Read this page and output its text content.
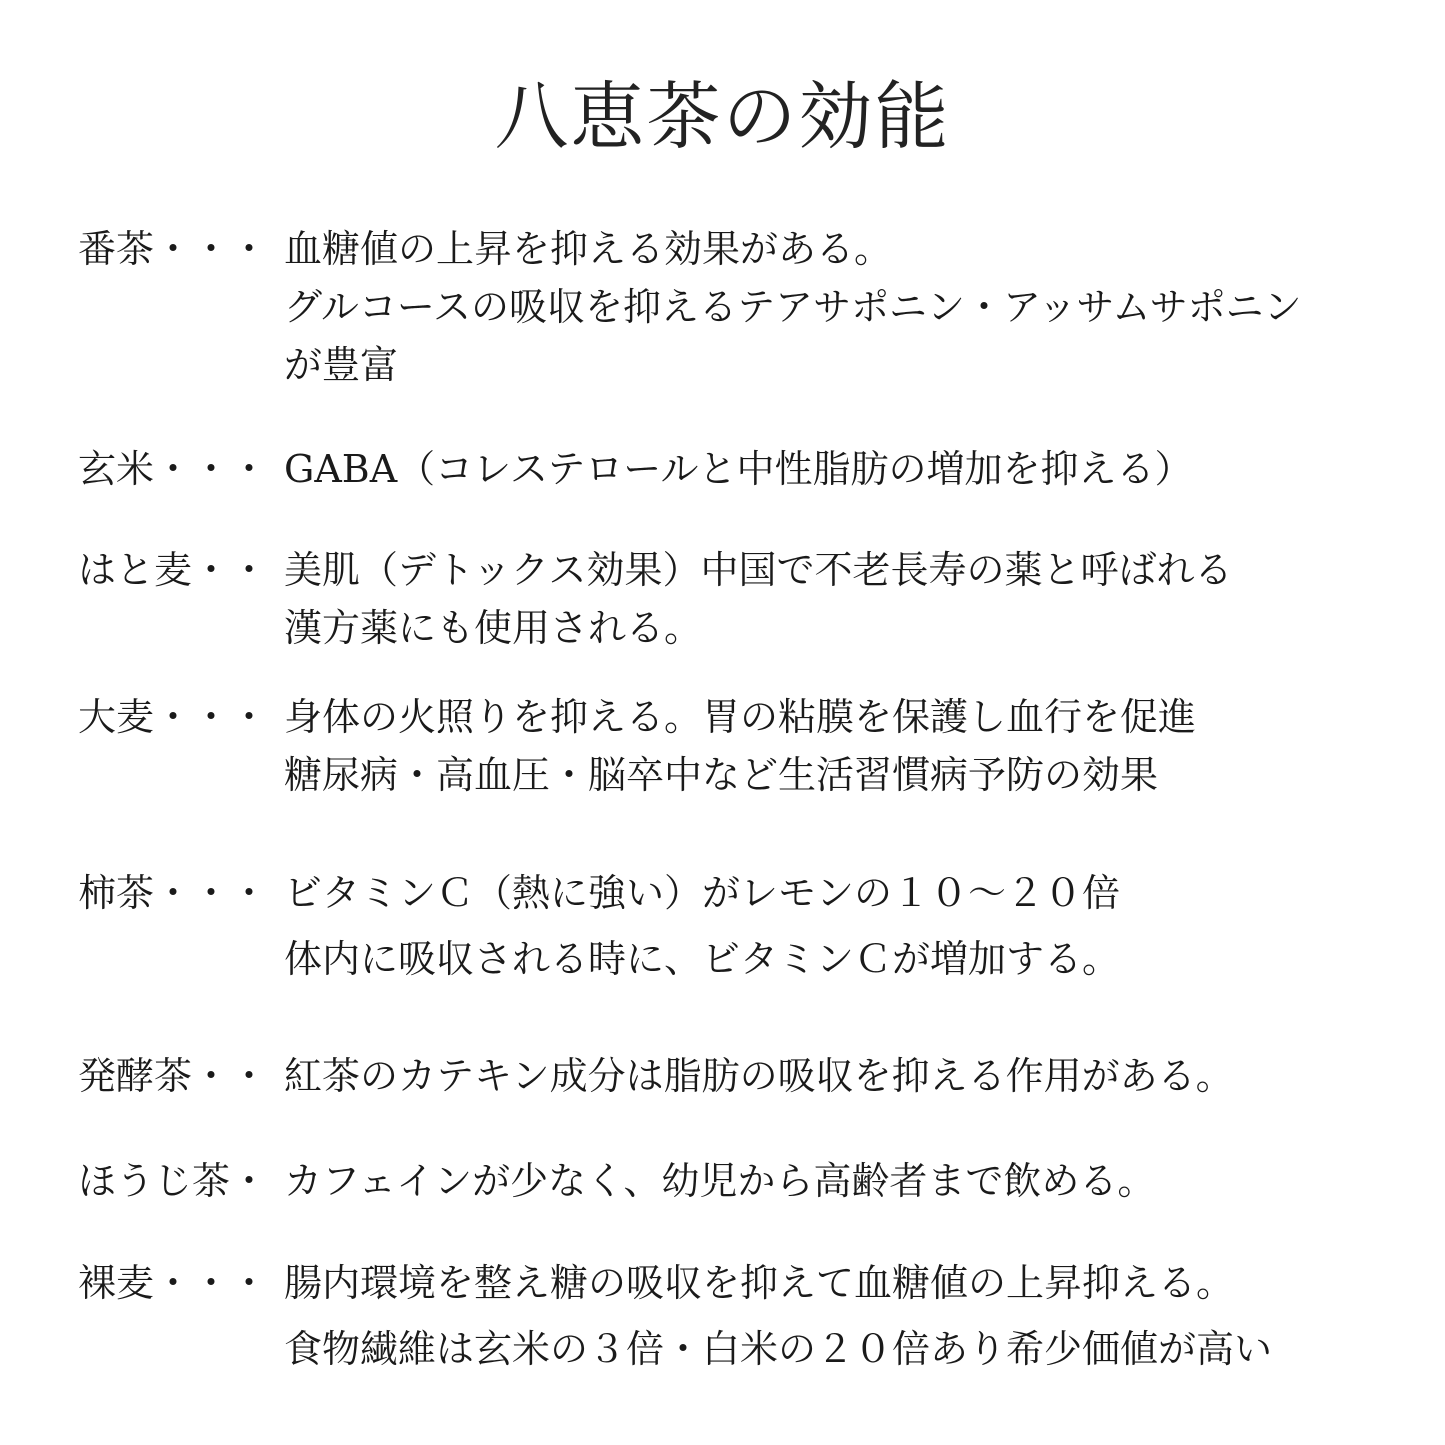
八恵茶の効能
番茶・・・ 血糖値の上昇を抑える効果がある。
グルコースの吸収を抑えるテアサポニン・アッサムサポニン
が豊富
玄米・・・ GABA（コレステロールと中性脂肪の増加を抑える）
はと麦・・ 美肌（デトックス効果）中国で不老長寿の薬と呼ばれる
漢方薬にも使用される。
大麦・・・ 身体の火照りを抑える。胃の粘膜を保護し血行を促進
糖尿病・高血圧・脳卒中など生活習慣病予防の効果
柿茶・・・ ビタミンＣ（熱に強い）がレモンの１０～２０倍
体内に吸収される時に、ビタミンＣが増加する。
発酵茶・・ 紅茶のカテキン成分は脂肪の吸収を抑える作用がある。
ほうじ茶・ カフェインが少なく、幼児から高齢者まで飲める。
裸麦・・・ 腸内環境を整え糖の吸収を抑えて血糖値の上昇抑える。
食物繊維は玄米の３倍・白米の２０倍あり希少価値が高い
